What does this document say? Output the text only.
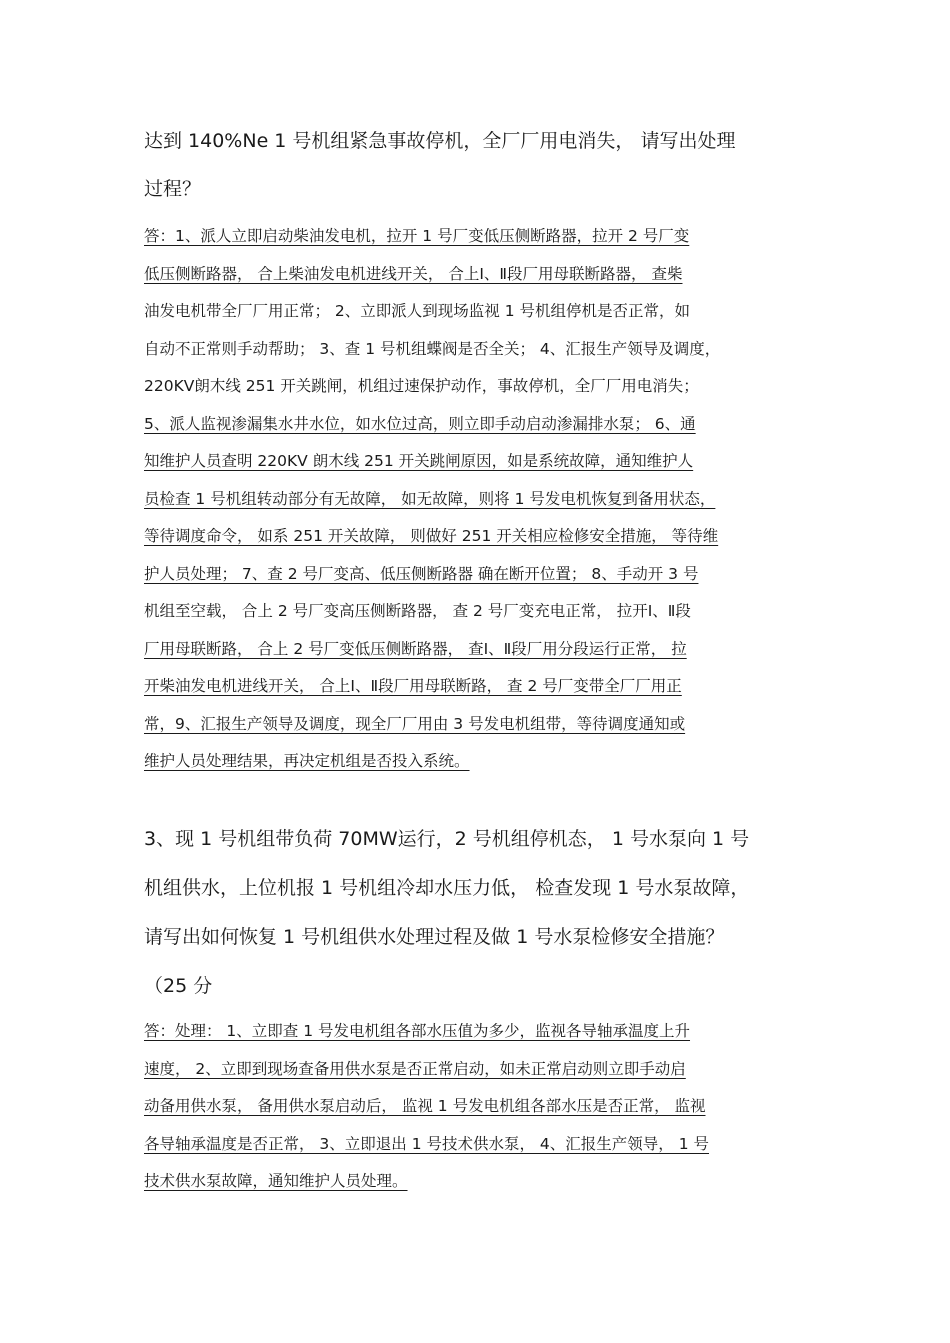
达到 140%Nе 1 号机组紧急事故停机，全厂厂用电消失， 请写出处理
过程？
答：1、派人立即启动柴油发电机，拉开 1 号厂变低压侧断路器，拉开 2 号厂变
低压侧断路器， 合上柴油发电机进线开关， 合上Ⅰ、Ⅱ段厂用母联断路器， 查柴
油发电机带全厂厂用正常； 2、立即派人到现场监视 1 号机组停机是否正常，如
自动不正常则手动帮助； 3、查 1 号机组蝶阀是否全关； 4、汇报生产领导及调度，
220KV朗木线 251 开关跳闸，机组过速保护动作，事故停机，全厂厂用电消失；
5、派人监视渗漏集水井水位，如水位过高，则立即手动启动渗漏排水泵； 6、通
知维护人员查明 220KV 朗木线 251 开关跳闸原因，如是系统故障，通知维护人
员检查 1 号机组转动部分有无故障， 如无故障，则将 1 号发电机恢复到备用状态，
等待调度命令， 如系 251 开关故障， 则做好 251 开关相应检修安全措施， 等待维
护人员处理； 7、查 2 号厂变高、低压侧断路器 确在断开位置； 8、手动开 3 号
机组至空载， 合上 2 号厂变高压侧断路器， 查 2 号厂变充电正常， 拉开Ⅰ、Ⅱ段
厂用母联断路， 合上 2 号厂变低压侧断路器， 查Ⅰ、Ⅱ段厂用分段运行正常， 拉
开柴油发电机进线开关， 合上Ⅰ、Ⅱ段厂用母联断路， 查 2 号厂变带全厂厂用正
常，9、汇报生产领导及调度，现全厂厂用由 3 号发电机组带，等待调度通知或
维护人员处理结果，再决定机组是否投入系统。
3、现 1 号机组带负荷 70MW运行，2 号机组停机态， 1 号水泵向 1 号
机组供水，上位机报 1 号机组冷却水压力低， 检查发现 1 号水泵故障，
请写出如何恢复 1 号机组供水处理过程及做 1 号水泵检修安全措施？
（25 分
答：处理： 1、立即查 1 号发电机组各部水压值为多少，监视各导轴承温度上升
速度， 2、立即到现场查备用供水泵是否正常启动，如未正常启动则立即手动启
动备用供水泵， 备用供水泵启动后， 监视 1 号发电机组各部水压是否正常， 监视
各导轴承温度是否正常， 3、立即退出 1 号技术供水泵， 4、汇报生产领导， 1 号
技术供水泵故障，通知维护人员处理。
